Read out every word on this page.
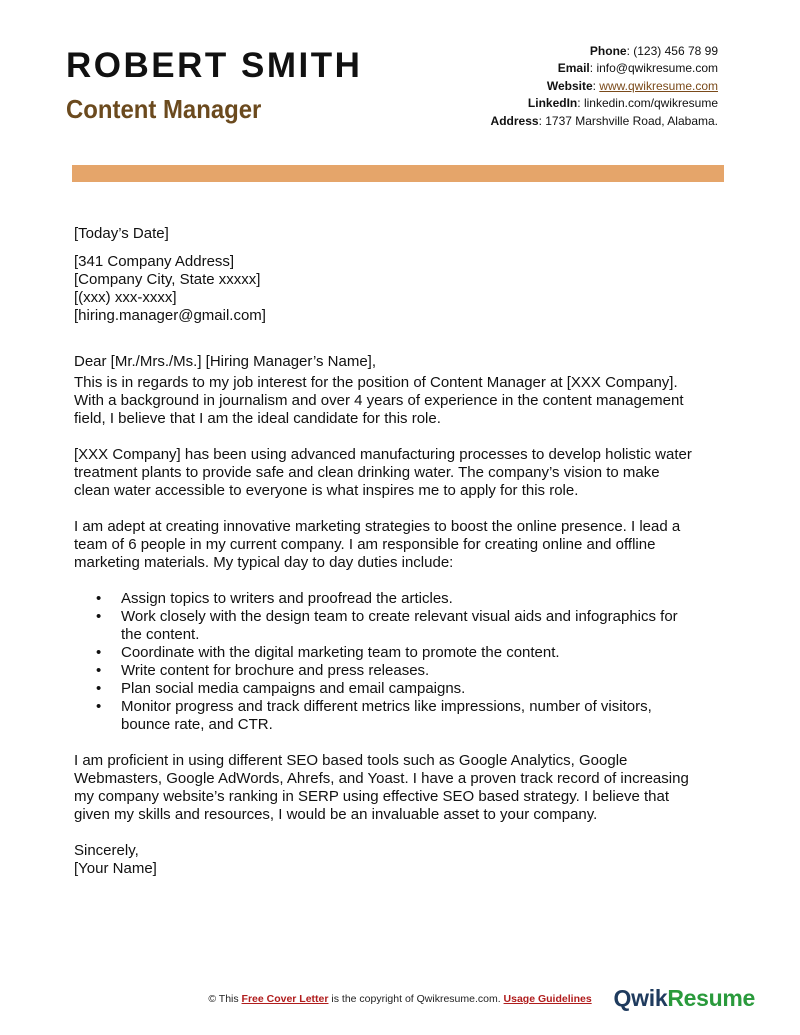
ROBERT SMITH
Content Manager
Phone: (123) 456 78 99
Email: info@qwikresume.com
Website: www.qwikresume.com
LinkedIn: linkedin.com/qwikresume
Address: 1737 Marshville Road, Alabama.

[Today’s Date]

[341 Company Address]

[Company City, State xxxxx]

[(xxx) xxx-xxxx]

[hiring.manager@gmail.com]

Dear [Mr./Mrs./Ms.] [Hiring Manager’s Name],

This is in regards to my job interest for the position of Content Manager at [XXX Company].

With a background in journalism and over 4 years of experience in the content management

field, I believe that I am the ideal candidate for this role.

[XXX Company] has been using advanced manufacturing processes to develop holistic water

treatment plants to provide safe and clean drinking water. The company’s vision to make

clean water accessible to everyone is what inspires me to apply for this role.

I am adept at creating innovative marketing strategies to boost the online presence. I lead a

team of 6 people in my current company. I am responsible for creating online and offline

marketing materials. My typical day to day duties include:

• Assign topics to writers and proofread the articles.
• Work closely with the design team to create relevant visual aids and infographics for
the content.
• Coordinate with the digital marketing team to promote the content.
• Write content for brochure and press releases.
• Plan social media campaigns and email campaigns.
• Monitor progress and track different metrics like impressions, number of visitors,
bounce rate, and CTR.

I am proficient in using different SEO based tools such as Google Analytics, Google

Webmasters, Google AdWords, Ahrefs, and Yoast. I have a proven track record of increasing

my company website’s ranking in SERP using effective SEO based strategy. I believe that

given my skills and resources, I would be an invaluable asset to your company.

Sincerely,

[Your Name]

© This Free Cover Letter is the copyright of Qwikresume.com. Usage Guidelines QwikResume
